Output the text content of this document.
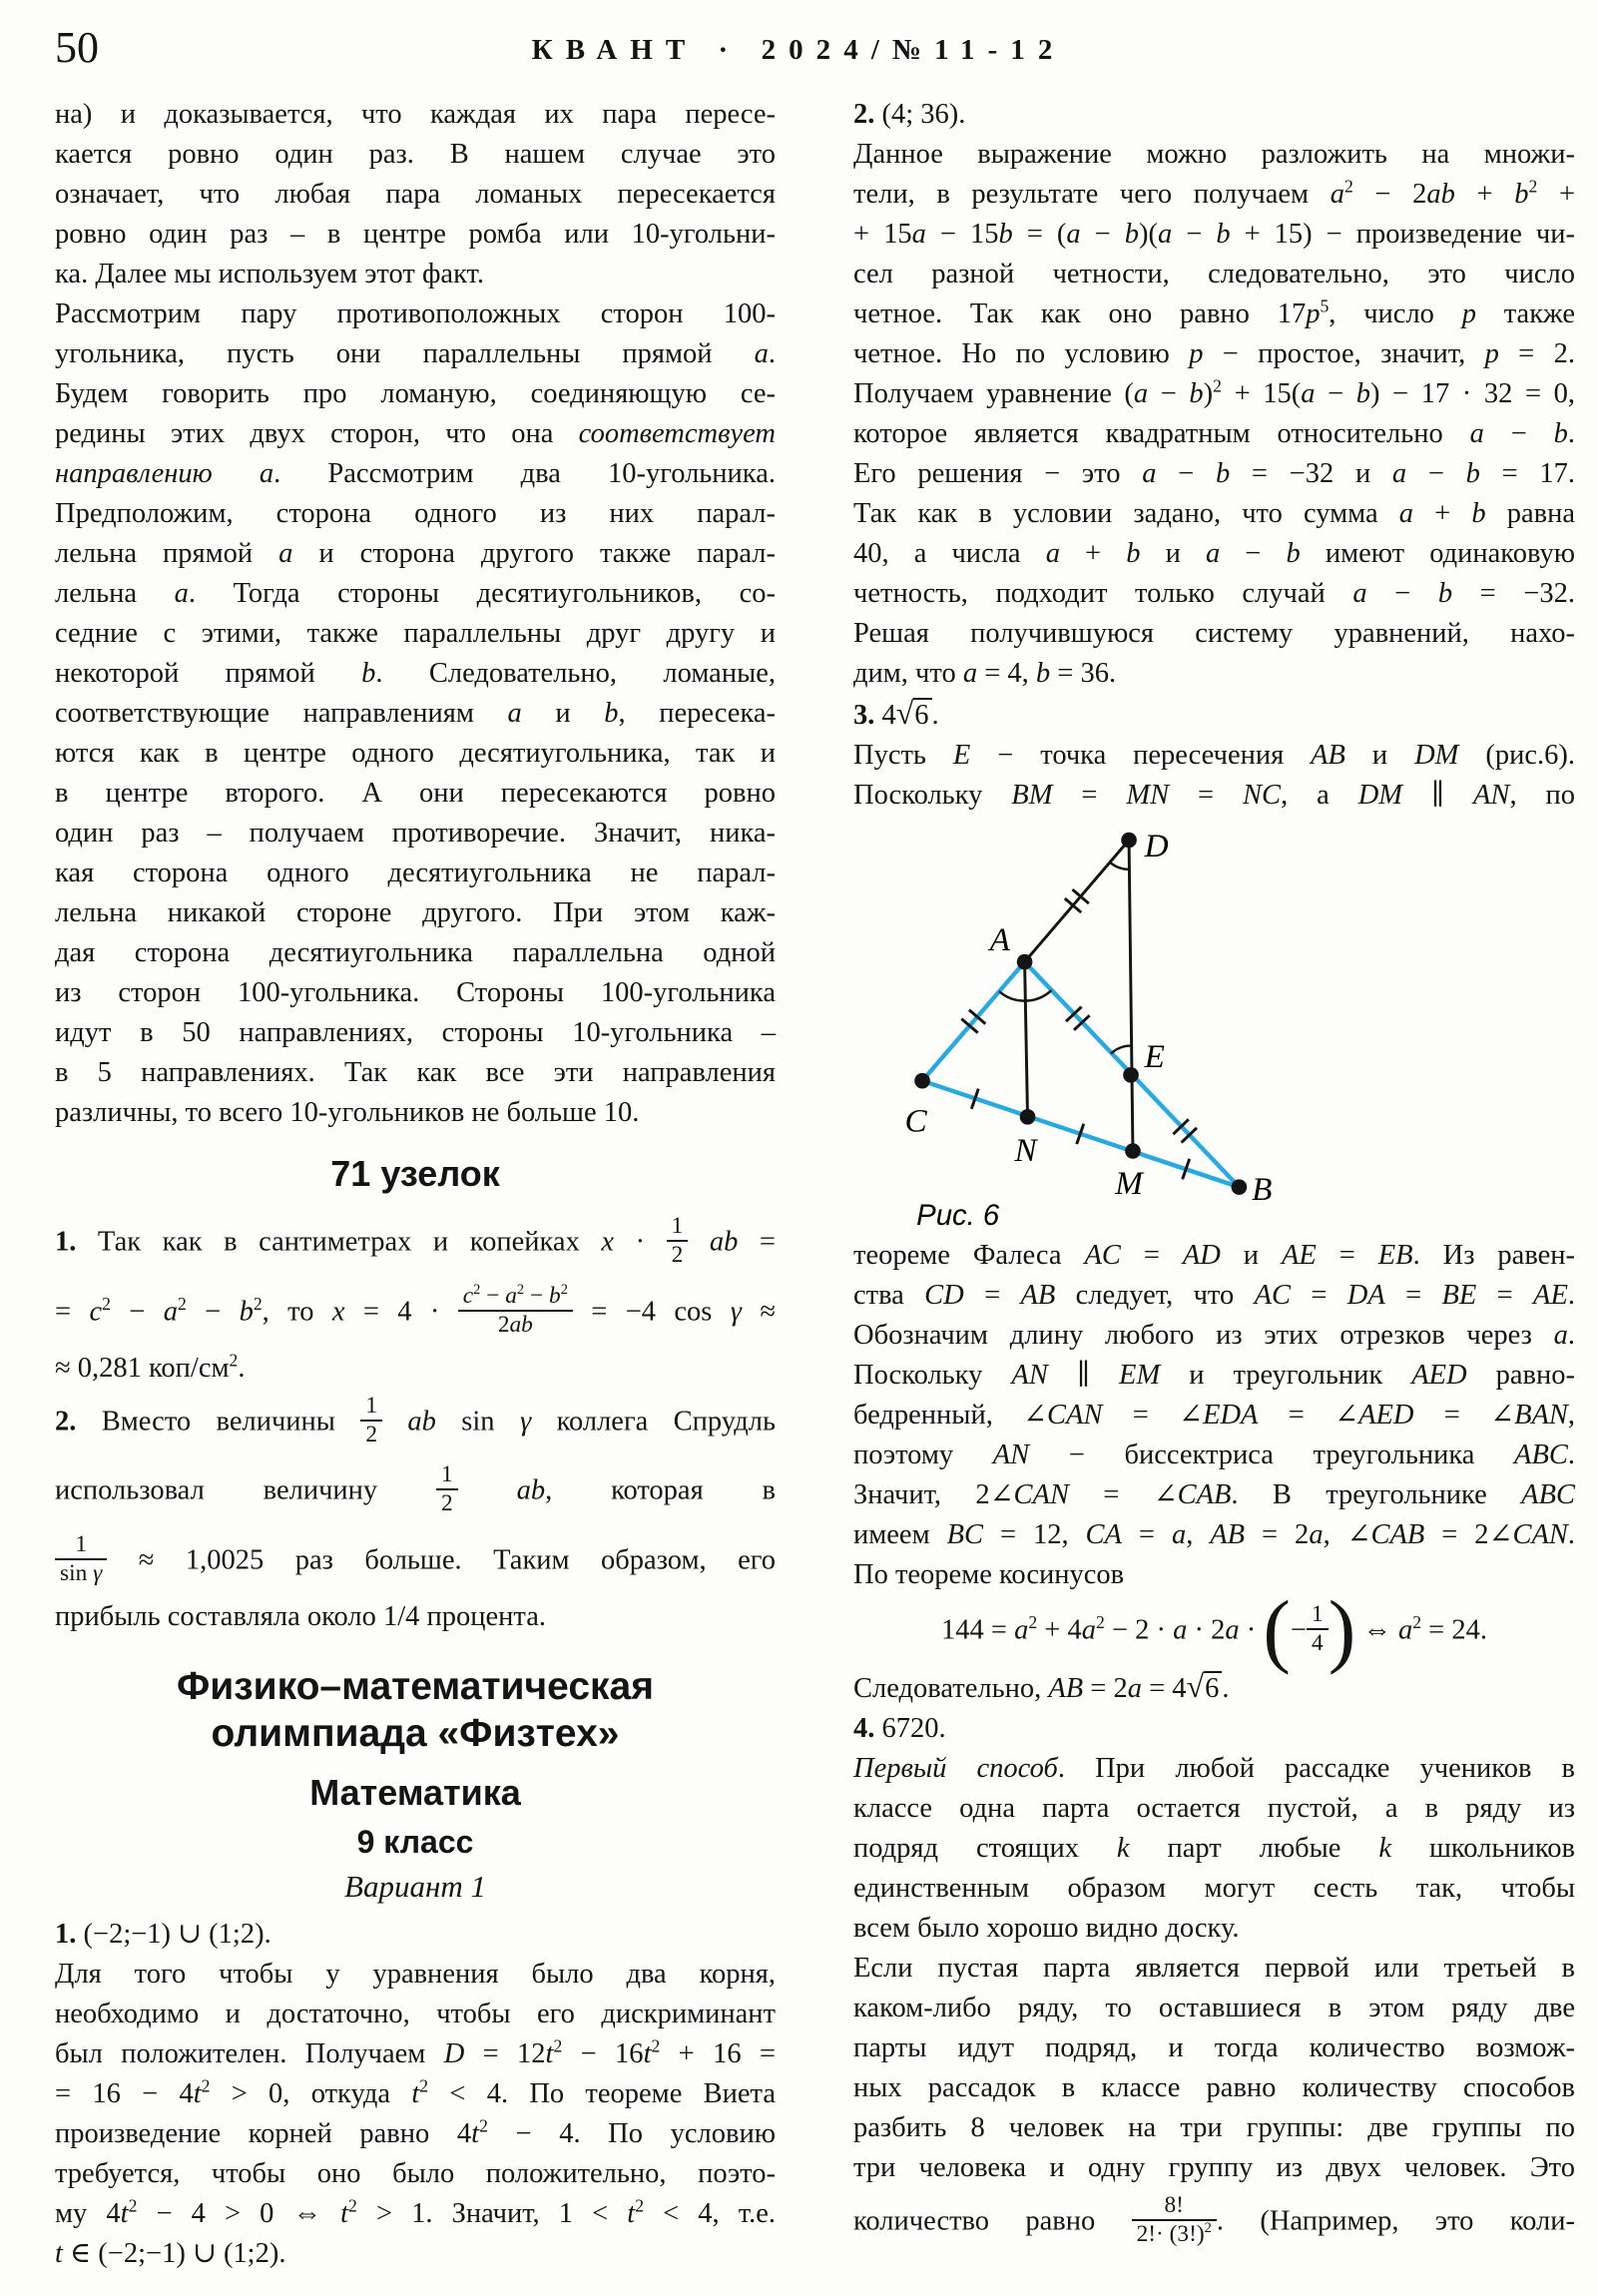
50	КВАНТ · 2024/№11-12
на) и доказывается, что каждая их пара пересе-
кается ровно один раз. В нашем случае это
означает, что любая пара ломаных пересекается
ровно один раз – в центре ромба или 10-угольни-
ка. Далее мы используем этот факт.
Рассмотрим пару противоположных сторон 100-
угольника, пусть они параллельны прямой a.
Будем говорить про ломаную, соединяющую се-
редины этих двух сторон, что она соответствует
направлению a. Рассмотрим два 10-угольника.
Предположим, сторона одного из них парал-
лельна прямой a и сторона другого также парал-
лельна a. Тогда стороны десятиугольников, со-
седние с этими, также параллельны друг другу и
некоторой прямой b. Следовательно, ломаные,
соответствующие направлениям a и b, пересека-
ются как в центре одного десятиугольника, так и
в центре второго. А они пересекаются ровно
один раз – получаем противоречие. Значит, ника-
кая сторона одного десятиугольника не парал-
лельна никакой стороне другого. При этом каж-
дая сторона десятиугольника параллельна одной
из сторон 100-угольника. Стороны 100-угольника
идут в 50 направлениях, стороны 10-угольника –
в 5 направлениях. Так как все эти направления
различны, то всего 10-угольников не больше 10.
71 узелок
1. Так как в сантиметрах и копейках $x \cdot \frac{1}{2}$ ab =
= $c^2 - a^2 - b^2$, то $x = 4 \cdot \frac{c^2 - a^2 - b^2}{2ab} = -4$ cos γ ≈
≈ 0,281 коп/$см^2$.
2. Вместо величины $\frac{1}{2}$ ab sin γ коллега Спрудль
использовал величину $\frac{1}{2}$ ab, которая в
$\frac{1}{\text{sin γ}} \approx 1,0025$ раз больше. Таким образом, его
прибыль составляла около 1/4 процента.
Физико–математическая
олимпиада «Физтех»
Математика
9 класс
Вариант 1
1. (−2;−1) ∪ (1;2).
Для того чтобы у уравнения было два корня,
необходимо и достаточно, чтобы его дискриминант
был положителен. Получаем $D = 12t^2 - 16t^2 + 16$ =
= $16 - 4t^2 > 0$, откуда $t^2 < 4$. По теореме Виета
произведение корней равно $4t^2 - 4$. По условию
требуется, чтобы оно было положительно, поэто-
му $4t^2 - 4 > 0$ ⇔ $t^2 > 1$. Значит, $1 < t^2 < 4$, т.е.
t ∈ (−2;−1) ∪ (1;2).
2. (4; 36).
Данное выражение можно разложить на множи-
тели, в результате чего получаем $a^2 - 2ab + b^2$ +
+ 15a − 15b = (a − b)(a − b + 15) − произведение чи-
сел разной четности, следовательно, это число
четное. Так как оно равно $17p^5$, число p также
четное. Но по условию p − простое, значит, p = 2.
Получаем уравнение $(a - b)^2 + 15(a - b) - 17 \cdot 32 = 0$,
которое является квадратным относительно a − b.
Его решения − это a − b = −32 и a − b = 17.
Так как в условии задано, что сумма a + b равна
40, а числа a + b и a − b имеют одинаковую
четность, подходит только случай a − b = −32.
Решая получившуюся систему уравнений, нахо-
дим, что a = 4, b = 36.
3. 4√6 .
Пусть E − точка пересечения AB и DM (рис.6).
Поскольку BM = MN = NC, а DM ∥ AN, по
D
A
C
N
M	B
E
Рис. 6
теореме Фалеса AC = AD и AE = EB. Из равен-
ства CD = AB следует, что AC = DA = BE = AE.
Обозначим длину любого из этих отрезков через a.
Поскольку AN ∥ EM и треугольник AED равно-
бедренный, ∠CAN = ∠EDA = ∠AED = ∠BAN,
поэтому AN − биссектриса треугольника ABC.
Значит, 2∠CAN = ∠CAB. В треугольнике ABC
имеем BC = 12, CA = a, AB = 2a, ∠CAB = 2∠CAN.
По теореме косинусов
$144 = a^2 + 4a^2 - 2 \cdot a \cdot 2a$ · (− $\frac{1}{4}$ ) ⇔ $a^2 = 24$.
Следовательно, AB = 2a = 4√6 .
4. 6720.
Первый способ. При любой рассадке учеников в
классе одна парта остается пустой, а в ряду из
подряд стоящих k парт любые k школьников
единственным образом могут сесть так, чтобы
всем было хорошо видно доску.
Если пустая парта является первой или третьей в
каком-либо ряду, то оставшиеся в этом ряду две
парты идут подряд, и тогда количество возмож-
ных рассадок в классе равно количеству способов
разбить 8 человек на три группы: две группы по
три человека и одну группу из двух человек. Это
количество равно $\frac{8!}{2!\cdot (3!)^2}$ . (Например, это коли-
